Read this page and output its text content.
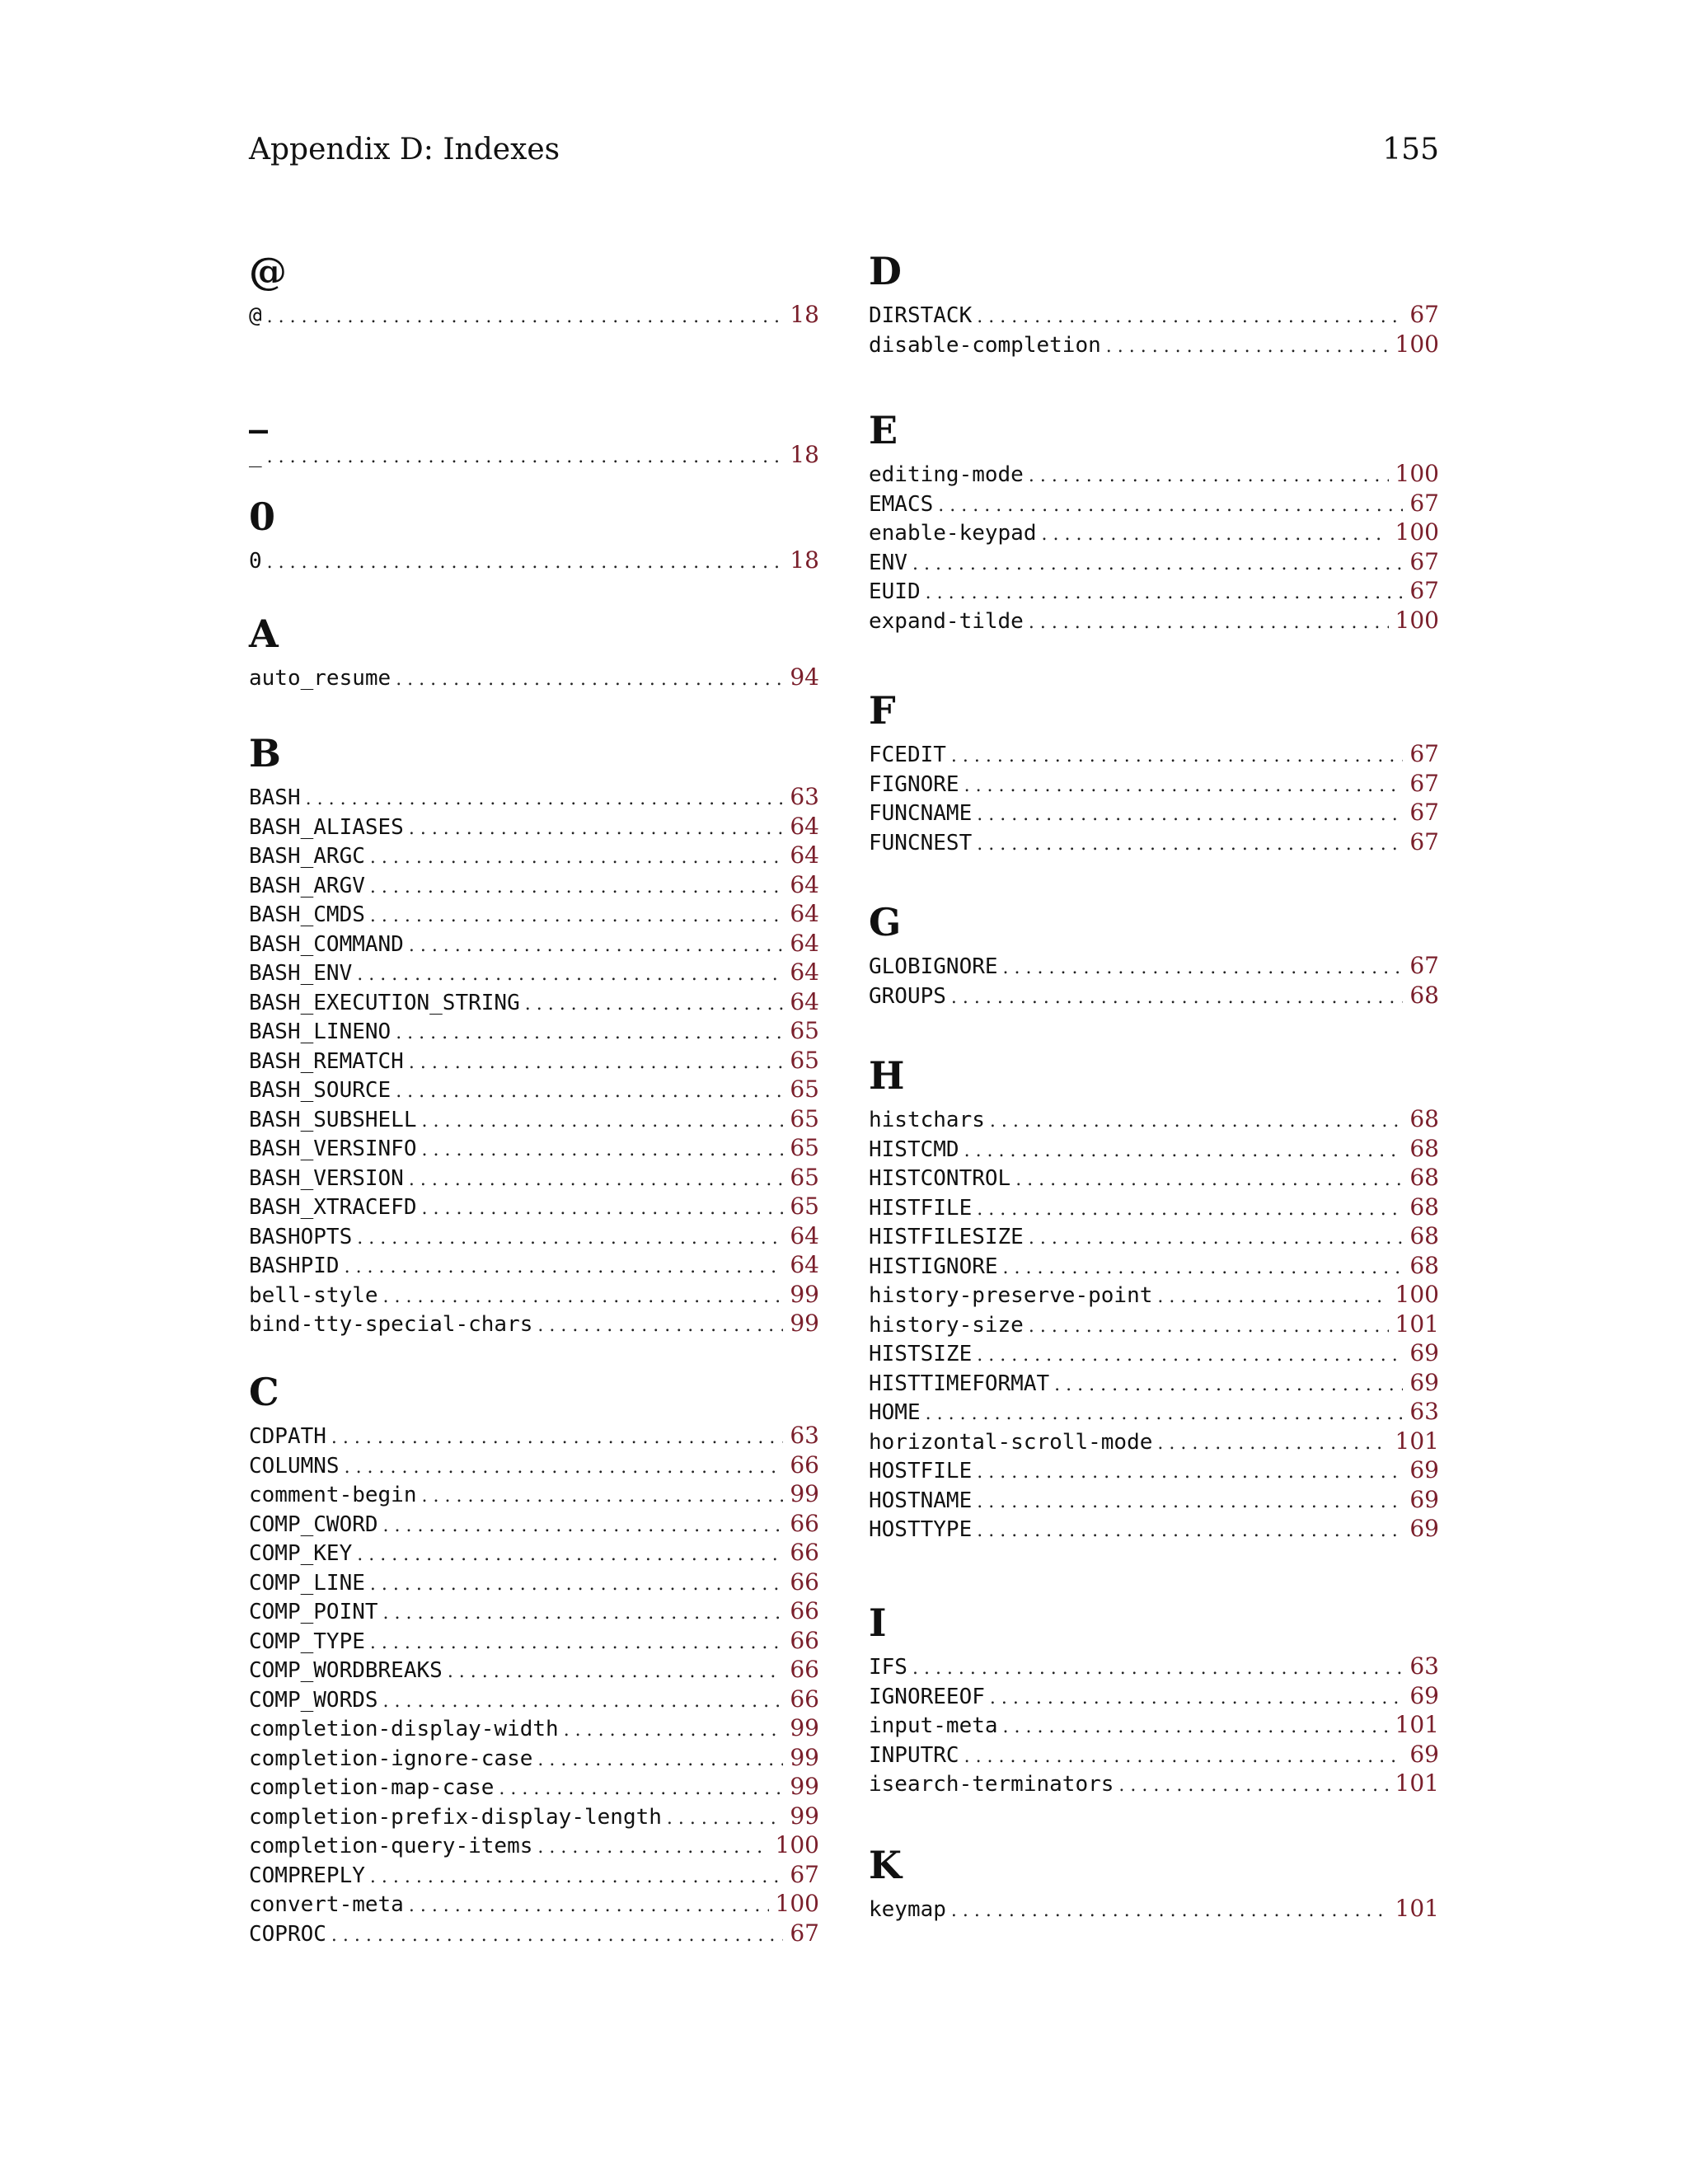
Appendix D: Indexes	155
@
@ . . .	18
_
_ . . .	18
0
0 . . .	18
A
auto_resume . . .	94
B
BASH . . .	63
BASH_ALIASES . . .	64
BASH_ARGC . . .	64
BASH_ARGV . . .	64
BASH_CMDS . . .	64
BASH_COMMAND . . .	64
BASH_ENV . . .	64
BASH_EXECUTION_STRING . . .	64
BASH_LINENO . . .	65
BASH_REMATCH . . .	65
BASH_SOURCE . . .	65
BASH_SUBSHELL . . .	65
BASH_VERSINFO . . .	65
BASH_VERSION . . .	65
BASH_XTRACEFD . . .	65
BASHOPTS . . .	64
BASHPID . . .	64
bell-style . . .	99
bind-tty-special-chars . . .	99
C
CDPATH . . .	63
COLUMNS . . .	66
comment-begin . . .	99
COMP_CWORD . . .	66
COMP_KEY . . .	66
COMP_LINE . . .	66
COMP_POINT . . .	66
COMP_TYPE . . .	66
COMP_WORDBREAKS . . .	66
COMP_WORDS . . .	66
completion-display-width . . .	99
completion-ignore-case . . .	99
completion-map-case . . .	99
completion-prefix-display-length . . .	99
completion-query-items . . .	100
COMPREPLY . . .	67
convert-meta . . .	100
COPROC . . .	67
D
DIRSTACK . . .	67
disable-completion . . .	100
E
editing-mode . . .	100
EMACS . . .	67
enable-keypad . . .	100
ENV . . .	67
EUID . . .	67
expand-tilde . . .	100
F
FCEDIT . . .	67
FIGNORE . . .	67
FUNCNAME . . .	67
FUNCNEST . . .	67
G
GLOBIGNORE . . .	67
GROUPS . . .	68
H
histchars . . .	68
HISTCMD . . .	68
HISTCONTROL . . .	68
HISTFILE . . .	68
HISTFILESIZE . . .	68
HISTIGNORE . . .	68
history-preserve-point . . .	100
history-size . . .	101
HISTSIZE . . .	69
HISTTIMEFORMAT . . .	69
HOME . . .	63
horizontal-scroll-mode . . .	101
HOSTFILE . . .	69
HOSTNAME . . .	69
HOSTTYPE . . .	69
I
IFS . . .	63
IGNOREEOF . . .	69
input-meta . . .	101
INPUTRC . . .	69
isearch-terminators . . .	101
K
keymap . . .	101
